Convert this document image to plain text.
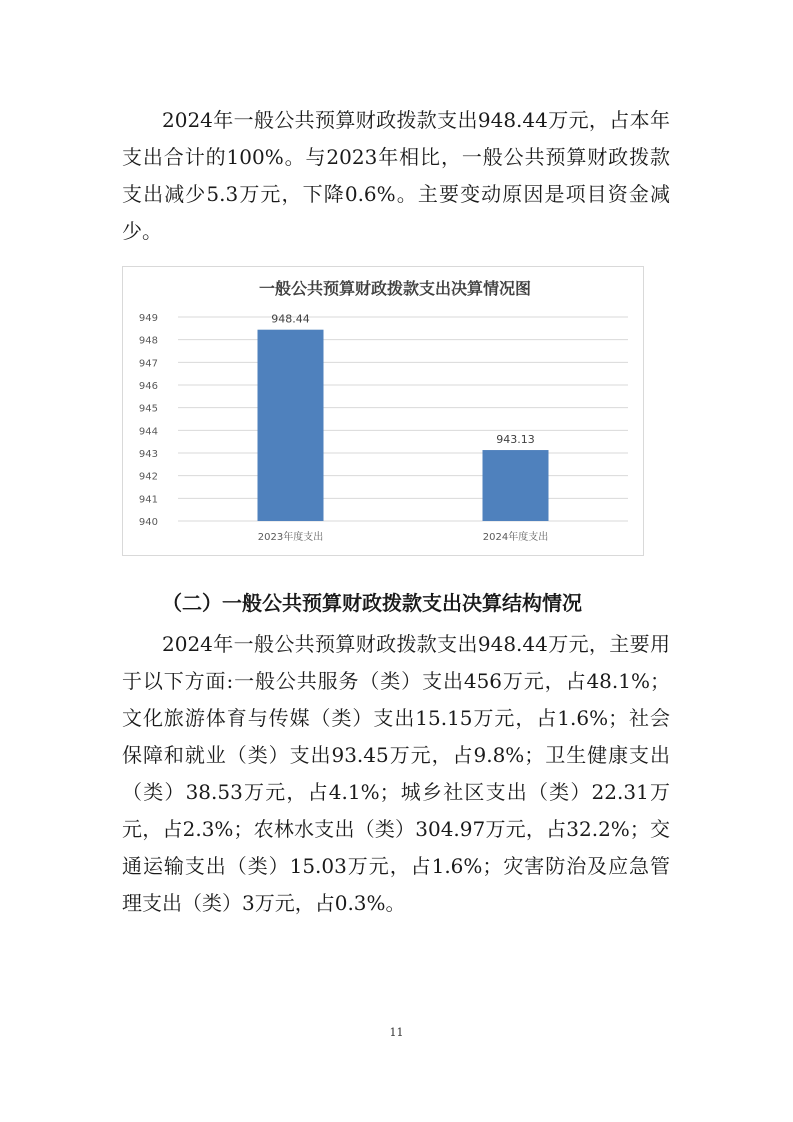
2024年一般公共预算财政拨款支出948.44万元，占本年支出合计的100%。与2023年相比，一般公共预算财政拨款支出减少5.3万元，下降0.6%。主要变动原因是项目资金减少。

一般公共预算财政拨款支出决算情况图
940
941
942
943
944
945
946
947
948
949	948.44
943.13
2023年度支出	2024年度支出

（二）一般公共预算财政拨款支出决算结构情况

2024年一般公共预算财政拨款支出948.44万元，主要用于以下方面:一般公共服务（类）支出456万元，占48.1%；文化旅游体育与传媒（类）支出15.15万元，占1.6%；社会保障和就业（类）支出93.45万元，占9.8%；卫生健康支出（类）38.53万元，占4.1%；城乡社区支出（类）22.31万元，占2.3%；农林水支出（类）304.97万元，占32.2%；交通运输支出（类）15.03万元，占1.6%；灾害防治及应急管理支出（类）3万元，占0.3%。

11
